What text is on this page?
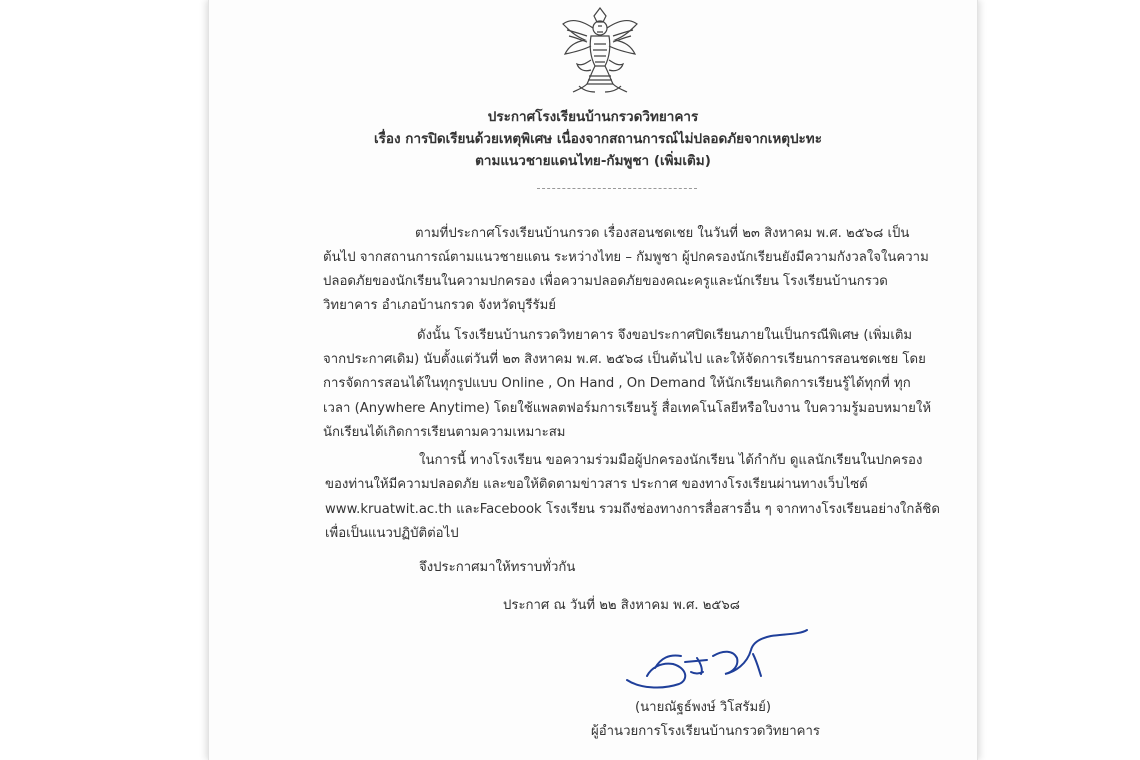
ประกาศโรงเรียนบ้านกรวดวิทยาคาร
เรื่อง การปิดเรียนด้วยเหตุพิเศษ เนื่องจากสถานการณ์ไม่ปลอดภัยจากเหตุปะทะ
ตามแนวชายแดนไทย-กัมพูชา (เพิ่มเติม)
ตามที่ประกาศโรงเรียนบ้านกรวด เรื่องสอนชดเชย ในวันที่ ๒๓ สิงหาคม พ.ศ. ๒๕๖๘ เป็น
ต้นไป จากสถานการณ์ตามแนวชายแดน ระหว่างไทย – กัมพูชา ผู้ปกครองนักเรียนยังมีความกังวลใจในความ
ปลอดภัยของนักเรียนในความปกครอง เพื่อความปลอดภัยของคณะครูและนักเรียน โรงเรียนบ้านกรวด
วิทยาคาร อำเภอบ้านกรวด จังหวัดบุรีรัมย์
ดังนั้น โรงเรียนบ้านกรวดวิทยาคาร จึงขอประกาศปิดเรียนภายในเป็นกรณีพิเศษ (เพิ่มเติม
จากประกาศเดิม) นับตั้งแต่วันที่ ๒๓ สิงหาคม พ.ศ. ๒๕๖๘ เป็นต้นไป และให้จัดการเรียนการสอนชดเชย โดย
การจัดการสอนได้ในทุกรูปแบบ Online , On Hand , On Demand ให้นักเรียนเกิดการเรียนรู้ได้ทุกที่ ทุก
เวลา (Anywhere Anytime) โดยใช้แพลตฟอร์มการเรียนรู้ สื่อเทคโนโลยีหรือใบงาน ใบความรู้มอบหมายให้
นักเรียนได้เกิดการเรียนตามความเหมาะสม
ในการนี้ ทางโรงเรียน ขอความร่วมมือผู้ปกครองนักเรียน ได้กำกับ ดูแลนักเรียนในปกครอง
ของท่านให้มีความปลอดภัย และขอให้ติดตามข่าวสาร ประกาศ ของทางโรงเรียนผ่านทางเว็บไซต์
www.kruatwit.ac.th และFacebook โรงเรียน รวมถึงช่องทางการสื่อสารอื่น ๆ จากทางโรงเรียนอย่างใกล้ชิด
เพื่อเป็นแนวปฏิบัติต่อไป
จึงประกาศมาให้ทราบทั่วกัน
ประกาศ ณ วันที่ ๒๒ สิงหาคม พ.ศ. ๒๕๖๘
(นายณัฐธ์พงษ์ วิโสรัมย์)
ผู้อำนวยการโรงเรียนบ้านกรวดวิทยาคาร
